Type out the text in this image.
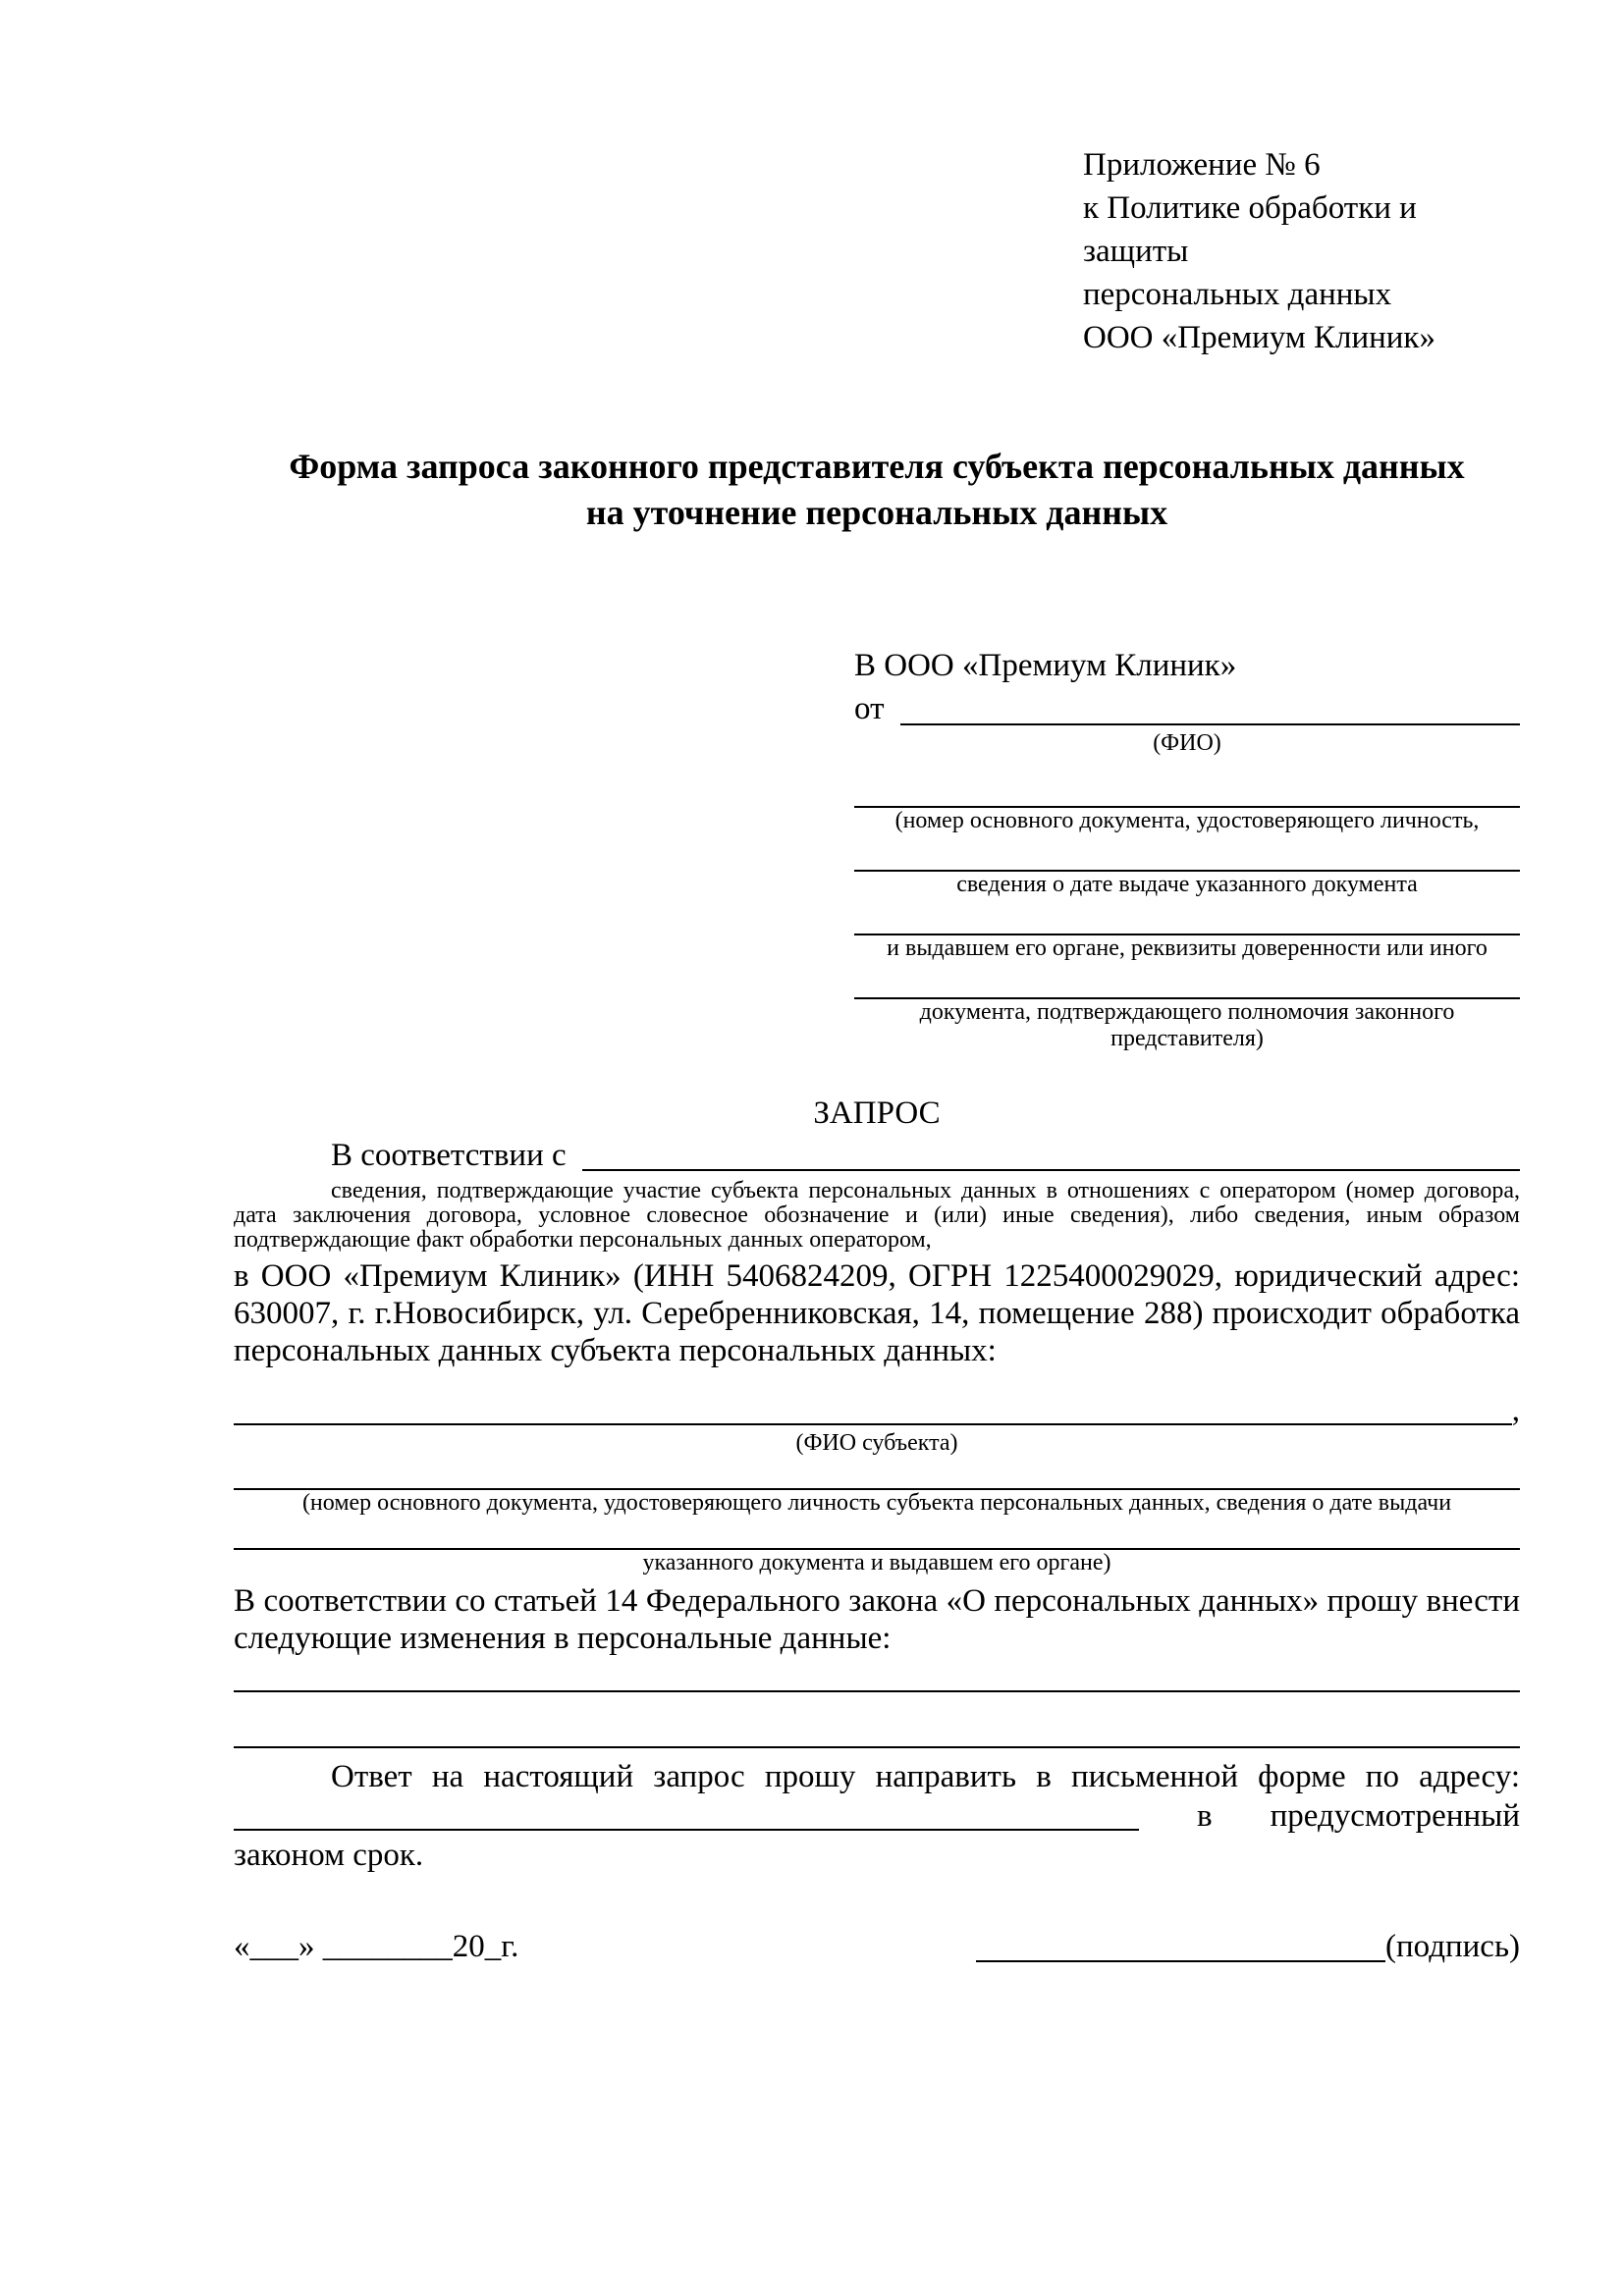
Приложение № 6
к Политике обработки и защиты
персональных данных
ООО «Премиум Клиник»
Форма запроса законного представителя субъекта персональных данных
на уточнение персональных данных
В ООО «Премиум Клиник»
от
(ФИО)
(номер основного документа, удостоверяющего личность,
сведения о дате выдаче указанного документа
и выдавшем его органе, реквизиты доверенности или иного
документа, подтверждающего полномочия законного представителя)
ЗАПРОС
В соответствии с
сведения, подтверждающие участие субъекта персональных данных в отношениях с оператором (номер договора, дата заключения договора, условное словесное обозначение и (или) иные сведения), либо сведения, иным образом подтверждающие факт обработки персональных данных оператором,
в ООО «Премиум Клиник» (ИНН 5406824209, ОГРН 1225400029029, юридический адрес: 630007, г. г.Новосибирск, ул. Серебренниковская, 14, помещение 288) происходит обработка персональных данных субъекта персональных данных:
,
(ФИО субъекта)
(номер основного документа, удостоверяющего личность субъекта персональных данных, сведения о дате выдачи
указанного документа и выдавшем его органе)
В соответствии со статьей 14 Федерального закона «О персональных данных» прошу внести следующие изменения в персональные данные:
Ответ на настоящий запрос прошу направить в письменной форме по адресу:
в предусмотренный
законом срок.
«___» ________20_г.	(подпись)
